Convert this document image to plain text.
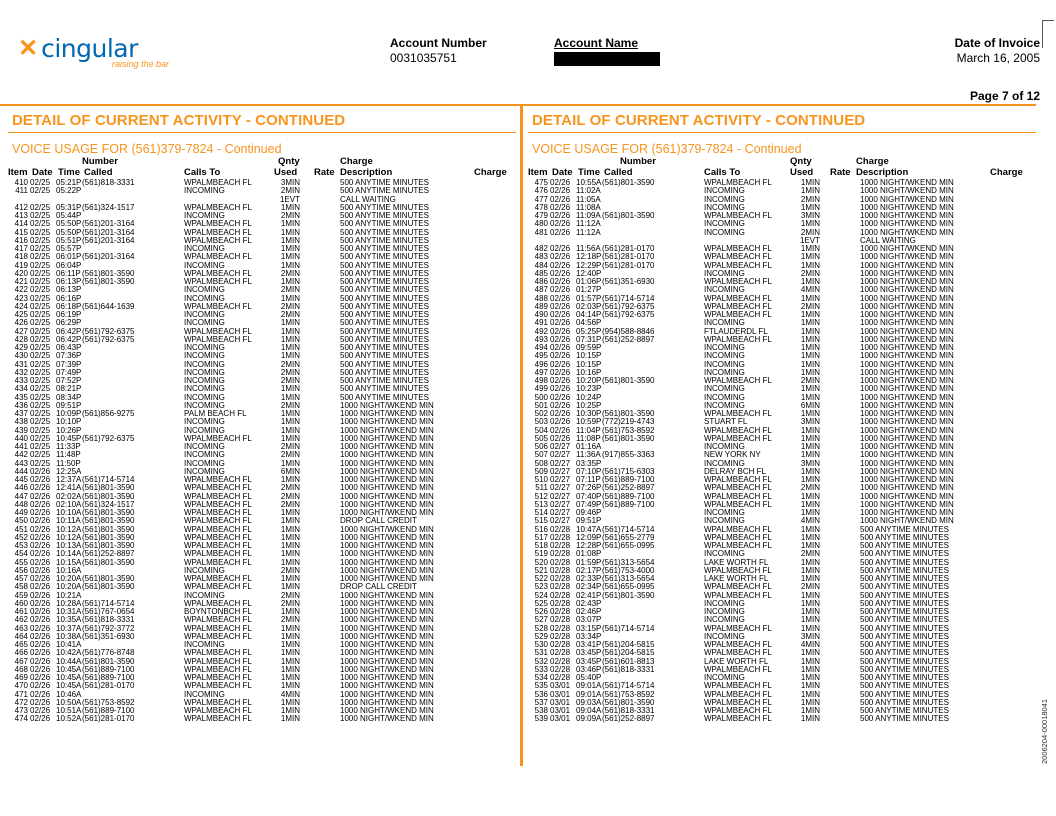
✕ cingular
raising the bar
Account Number
0031035751
Account Name	Date of Invoice
March 16, 2005
Page 7 of 12
DETAIL OF CURRENT ACTIVITY - CONTINUED
VOICE USAGE FOR (561)379-7824 - Continued
Number	Qnty	Charge
Item Date Time Called	Calls To	Used Rate Description	Charge
410 02/25 05:21P (561)818-3331	WPALMBEACH FL	3MIN	500 ANYTIME MINUTES
411 02/25 05:22P	INCOMING	2MIN	500 ANYTIME MINUTES
1EVT	CALL WAITING
412 02/25 05:31P (561)324-1517	WPALMBEACH FL	1MIN	500 ANYTIME MINUTES
413 02/25 05:44P	INCOMING	2MIN	500 ANYTIME MINUTES
414 02/25 05:50P (561)201-3164	WPALMBEACH FL	1MIN	500 ANYTIME MINUTES
415 02/25 05:50P (561)201-3164	WPALMBEACH FL	1MIN	500 ANYTIME MINUTES
416 02/25 05:51P (561)201-3164	WPALMBEACH FL	1MIN	500 ANYTIME MINUTES
417 02/25 05:57P	INCOMING	1MIN	500 ANYTIME MINUTES
418 02/25 06:01P (561)201-3164	WPALMBEACH FL	1MIN	500 ANYTIME MINUTES
419 02/25 06:04P	INCOMING	1MIN	500 ANYTIME MINUTES
420 02/25 06:11P (561)801-3590	WPALMBEACH FL	2MIN	500 ANYTIME MINUTES
421 02/25 06:13P (561)801-3590	WPALMBEACH FL	1MIN	500 ANYTIME MINUTES
422 02/25 06:13P	INCOMING	2MIN	500 ANYTIME MINUTES
423 02/25 06:16P	INCOMING	1MIN	500 ANYTIME MINUTES
424 02/25 06:18P (561)644-1639	WPALMBEACH FL	2MIN	500 ANYTIME MINUTES
425 02/25 06:19P	INCOMING	2MIN	500 ANYTIME MINUTES
426 02/25 06:29P	INCOMING	1MIN	500 ANYTIME MINUTES
427 02/25 06:42P (561)792-6375	WPALMBEACH FL	1MIN	500 ANYTIME MINUTES
428 02/25 06:42P (561)792-6375	WPALMBEACH FL	1MIN	500 ANYTIME MINUTES
429 02/25 06:43P	INCOMING	1MIN	500 ANYTIME MINUTES
430 02/25 07:36P	INCOMING	1MIN	500 ANYTIME MINUTES
431 02/25 07:39P	INCOMING	2MIN	500 ANYTIME MINUTES
432 02/25 07:49P	INCOMING	2MIN	500 ANYTIME MINUTES
433 02/25 07:52P	INCOMING	2MIN	500 ANYTIME MINUTES
434 02/25 08:21P	INCOMING	1MIN	500 ANYTIME MINUTES
435 02/25 08:34P	INCOMING	1MIN	500 ANYTIME MINUTES
436 02/25 09:51P	INCOMING	2MIN	1000 NIGHT/WKEND MIN
437 02/25 10:09P (561)856-9275	PALM BEACH FL	1MIN	1000 NIGHT/WKEND MIN
438 02/25 10:10P	INCOMING	1MIN	1000 NIGHT/WKEND MIN
439 02/25 10:26P	INCOMING	1MIN	1000 NIGHT/WKEND MIN
440 02/25 10:45P (561)792-6375	WPALMBEACH FL	1MIN	1000 NIGHT/WKEND MIN
441 02/25 11:33P	INCOMING	2MIN	1000 NIGHT/WKEND MIN
442 02/25 11:48P	INCOMING	2MIN	1000 NIGHT/WKEND MIN
443 02/25 11:50P	INCOMING	1MIN	1000 NIGHT/WKEND MIN
444 02/26 12:25A	INCOMING	6MIN	1000 NIGHT/WKEND MIN
445 02/26 12:37A (561)714-5714	WPALMBEACH FL	1MIN	1000 NIGHT/WKEND MIN
446 02/26 12:41A (561)801-3590	WPALMBEACH FL	2MIN	1000 NIGHT/WKEND MIN
447 02/26 02:02A (561)801-3590	WPALMBEACH FL	2MIN	1000 NIGHT/WKEND MIN
448 02/26 02:10A (561)324-1517	WPALMBEACH FL	2MIN	1000 NIGHT/WKEND MIN
449 02/26 10:10A (561)801-3590	WPALMBEACH FL	1MIN	1000 NIGHT/WKEND MIN
450 02/26 10:11A (561)801-3590	WPALMBEACH FL	1MIN	DROP CALL CREDIT
451 02/26 10:12A (561)801-3590	WPALMBEACH FL	1MIN	1000 NIGHT/WKEND MIN
452 02/26 10:12A (561)801-3590	WPALMBEACH FL	1MIN	1000 NIGHT/WKEND MIN
453 02/26 10:13A (561)801-3590	WPALMBEACH FL	1MIN	1000 NIGHT/WKEND MIN
454 02/26 10:14A (561)252-8897	WPALMBEACH FL	1MIN	1000 NIGHT/WKEND MIN
455 02/26 10:15A (561)801-3590	WPALMBEACH FL	1MIN	1000 NIGHT/WKEND MIN
456 02/26 10:16A	INCOMING	2MIN	1000 NIGHT/WKEND MIN
457 02/26 10:20A (561)801-3590	WPALMBEACH FL	1MIN	1000 NIGHT/WKEND MIN
458 02/26 10:20A (561)801-3590	WPALMBEACH FL	1MIN	DROP CALL CREDIT
459 02/26 10:21A	INCOMING	2MIN	1000 NIGHT/WKEND MIN
460 02/26 10:28A (561)714-5714	WPALMBEACH FL	2MIN	1000 NIGHT/WKEND MIN
461 02/26 10:31A (561)767-0654	BOYNTONBCH FL	1MIN	1000 NIGHT/WKEND MIN
462 02/26 10:35A (561)818-3331	WPALMBEACH FL	2MIN	1000 NIGHT/WKEND MIN
463 02/26 10:37A (561)792-3772	WPALMBEACH FL	1MIN	1000 NIGHT/WKEND MIN
464 02/26 10:38A (561)351-6930	WPALMBEACH FL	1MIN	1000 NIGHT/WKEND MIN
465 02/26 10:41A	INCOMING	1MIN	1000 NIGHT/WKEND MIN
466 02/26 10:42A (561)776-8748	WPALMBEACH FL	1MIN	1000 NIGHT/WKEND MIN
467 02/26 10:44A (561)801-3590	WPALMBEACH FL	1MIN	1000 NIGHT/WKEND MIN
468 02/26 10:45A (561)889-7100	WPALMBEACH FL	1MIN	1000 NIGHT/WKEND MIN
469 02/26 10:45A (561)889-7100	WPALMBEACH FL	1MIN	1000 NIGHT/WKEND MIN
470 02/26 10:45A (561)281-0170	WPALMBEACH FL	1MIN	1000 NIGHT/WKEND MIN
471 02/26 10:46A	INCOMING	4MIN	1000 NIGHT/WKEND MIN
472 02/26 10:50A (561)753-8592	WPALMBEACH FL	1MIN	1000 NIGHT/WKEND MIN
473 02/26 10:51A (561)889-7100	WPALMBEACH FL	1MIN	1000 NIGHT/WKEND MIN
474 02/26 10:52A (561)281-0170	WPALMBEACH FL	1MIN	1000 NIGHT/WKEND MIN
DETAIL OF CURRENT ACTIVITY - CONTINUED
VOICE USAGE FOR (561)379-7824 - Continued
Number	Qnty	Charge
Item Date Time Called	Calls To	Used Rate Description	Charge
475 02/26 10:55A (561)801-3590	WPALMBEACH FL	1MIN	1000 NIGHT/WKEND MIN
476 02/26 11:02A	INCOMING	1MIN	1000 NIGHT/WKEND MIN
477 02/26 11:05A	INCOMING	2MIN	1000 NIGHT/WKEND MIN
478 02/26 11:08A	INCOMING	1MIN	1000 NIGHT/WKEND MIN
479 02/26 11:09A (561)801-3590	WPALMBEACH FL	3MIN	1000 NIGHT/WKEND MIN
480 02/26 11:12A	INCOMING	1MIN	1000 NIGHT/WKEND MIN
481 02/26 11:12A	INCOMING	2MIN	1000 NIGHT/WKEND MIN
1EVT	CALL WAITING
482 02/26 11:56A (561)281-0170	WPALMBEACH FL	1MIN	1000 NIGHT/WKEND MIN
483 02/26 12:18P (561)281-0170	WPALMBEACH FL	1MIN	1000 NIGHT/WKEND MIN
484 02/26 12:29P (561)281-0170	WPALMBEACH FL	1MIN	1000 NIGHT/WKEND MIN
485 02/26 12:40P	INCOMING	2MIN	1000 NIGHT/WKEND MIN
486 02/26 01:06P (561)351-6930	WPALMBEACH FL	1MIN	1000 NIGHT/WKEND MIN
487 02/26 01:27P	INCOMING	4MIN	1000 NIGHT/WKEND MIN
488 02/26 01:57P (561)714-5714	WPALMBEACH FL	1MIN	1000 NIGHT/WKEND MIN
489 02/26 02:03P (561)792-6375	WPALMBEACH FL	2MIN	1000 NIGHT/WKEND MIN
490 02/26 04:14P (561)792-6375	WPALMBEACH FL	1MIN	1000 NIGHT/WKEND MIN
491 02/26 04:56P	INCOMING	1MIN	1000 NIGHT/WKEND MIN
492 02/26 05:25P (954)588-8846	FTLAUDERDL FL	1MIN	1000 NIGHT/WKEND MIN
493 02/26 07:31P (561)252-8897	WPALMBEACH FL	1MIN	1000 NIGHT/WKEND MIN
494 02/26 09:59P	INCOMING	1MIN	1000 NIGHT/WKEND MIN
495 02/26 10:15P	INCOMING	1MIN	1000 NIGHT/WKEND MIN
496 02/26 10:15P	INCOMING	1MIN	1000 NIGHT/WKEND MIN
497 02/26 10:16P	INCOMING	1MIN	1000 NIGHT/WKEND MIN
498 02/26 10:20P (561)801-3590	WPALMBEACH FL	2MIN	1000 NIGHT/WKEND MIN
499 02/26 10:23P	INCOMING	1MIN	1000 NIGHT/WKEND MIN
500 02/26 10:24P	INCOMING	1MIN	1000 NIGHT/WKEND MIN
501 02/26 10:25P	INCOMING	6MIN	1000 NIGHT/WKEND MIN
502 02/26 10:30P (561)801-3590	WPALMBEACH FL	1MIN	1000 NIGHT/WKEND MIN
503 02/26 10:59P (772)219-4743	STUART FL	3MIN	1000 NIGHT/WKEND MIN
504 02/26 11:04P (561)753-8592	WPALMBEACH FL	1MIN	1000 NIGHT/WKEND MIN
505 02/26 11:08P (561)801-3590	WPALMBEACH FL	1MIN	1000 NIGHT/WKEND MIN
506 02/27 01:16A	INCOMING	1MIN	1000 NIGHT/WKEND MIN
507 02/27 11:36A (917)855-3363	NEW YORK NY	1MIN	1000 NIGHT/WKEND MIN
508 02/27 03:35P	INCOMING	3MIN	1000 NIGHT/WKEND MIN
509 02/27 07:10P (561)715-6303	DELRAY BCH FL	1MIN	1000 NIGHT/WKEND MIN
510 02/27 07:11P (561)889-7100	WPALMBEACH FL	1MIN	1000 NIGHT/WKEND MIN
511 02/27 07:26P (561)252-8897	WPALMBEACH FL	2MIN	1000 NIGHT/WKEND MIN
512 02/27 07:40P (561)889-7100	WPALMBEACH FL	1MIN	1000 NIGHT/WKEND MIN
513 02/27 07:49P (561)889-7100	WPALMBEACH FL	1MIN	1000 NIGHT/WKEND MIN
514 02/27 09:46P	INCOMING	1MIN	1000 NIGHT/WKEND MIN
515 02/27 09:51P	INCOMING	4MIN	1000 NIGHT/WKEND MIN
516 02/28 10:47A (561)714-5714	WPALMBEACH FL	1MIN	500 ANYTIME MINUTES
517 02/28 12:09P (561)655-2779	WPALMBEACH FL	1MIN	500 ANYTIME MINUTES
518 02/28 12:28P (561)655-0995	WPALMBEACH FL	1MIN	500 ANYTIME MINUTES
519 02/28 01:08P	INCOMING	2MIN	500 ANYTIME MINUTES
520 02/28 01:59P (561)313-5654	LAKE WORTH FL	1MIN	500 ANYTIME MINUTES
521 02/28 02:17P (561)753-4000	WPALMBEACH FL	1MIN	500 ANYTIME MINUTES
522 02/28 02:33P (561)313-5654	LAKE WORTH FL	1MIN	500 ANYTIME MINUTES
523 02/28 02:34P (561)655-0995	WPALMBEACH FL	2MIN	500 ANYTIME MINUTES
524 02/28 02:41P (561)801-3590	WPALMBEACH FL	1MIN	500 ANYTIME MINUTES
525 02/28 02:43P	INCOMING	1MIN	500 ANYTIME MINUTES
526 02/28 02:46P	INCOMING	1MIN	500 ANYTIME MINUTES
527 02/28 03:07P	INCOMING	1MIN	500 ANYTIME MINUTES
528 02/28 03:15P (561)714-5714	WPALMBEACH FL	1MIN	500 ANYTIME MINUTES
529 02/28 03:34P	INCOMING	3MIN	500 ANYTIME MINUTES
530 02/28 03:41P (561)204-5815	WPALMBEACH FL	4MIN	500 ANYTIME MINUTES
531 02/28 03:45P (561)204-5815	WPALMBEACH FL	1MIN	500 ANYTIME MINUTES
532 02/28 03:45P (561)601-8813	LAKE WORTH FL	1MIN	500 ANYTIME MINUTES
533 02/28 03:46P (561)818-3331	WPALMBEACH FL	1MIN	500 ANYTIME MINUTES
534 02/28 05:40P	INCOMING	1MIN	500 ANYTIME MINUTES
535 03/01 09:01A (561)714-5714	WPALMBEACH FL	1MIN	500 ANYTIME MINUTES
536 03/01 09:01A (561)753-8592	WPALMBEACH FL	1MIN	500 ANYTIME MINUTES
537 03/01 09:03A (561)801-3590	WPALMBEACH FL	1MIN	500 ANYTIME MINUTES
538 03/01 09:04A (561)818-3331	WPALMBEACH FL	1MIN	500 ANYTIME MINUTES
539 03/01 09:09A (561)252-8897	WPALMBEACH FL	1MIN	500 ANYTIME MINUTES	2006204-00018041
